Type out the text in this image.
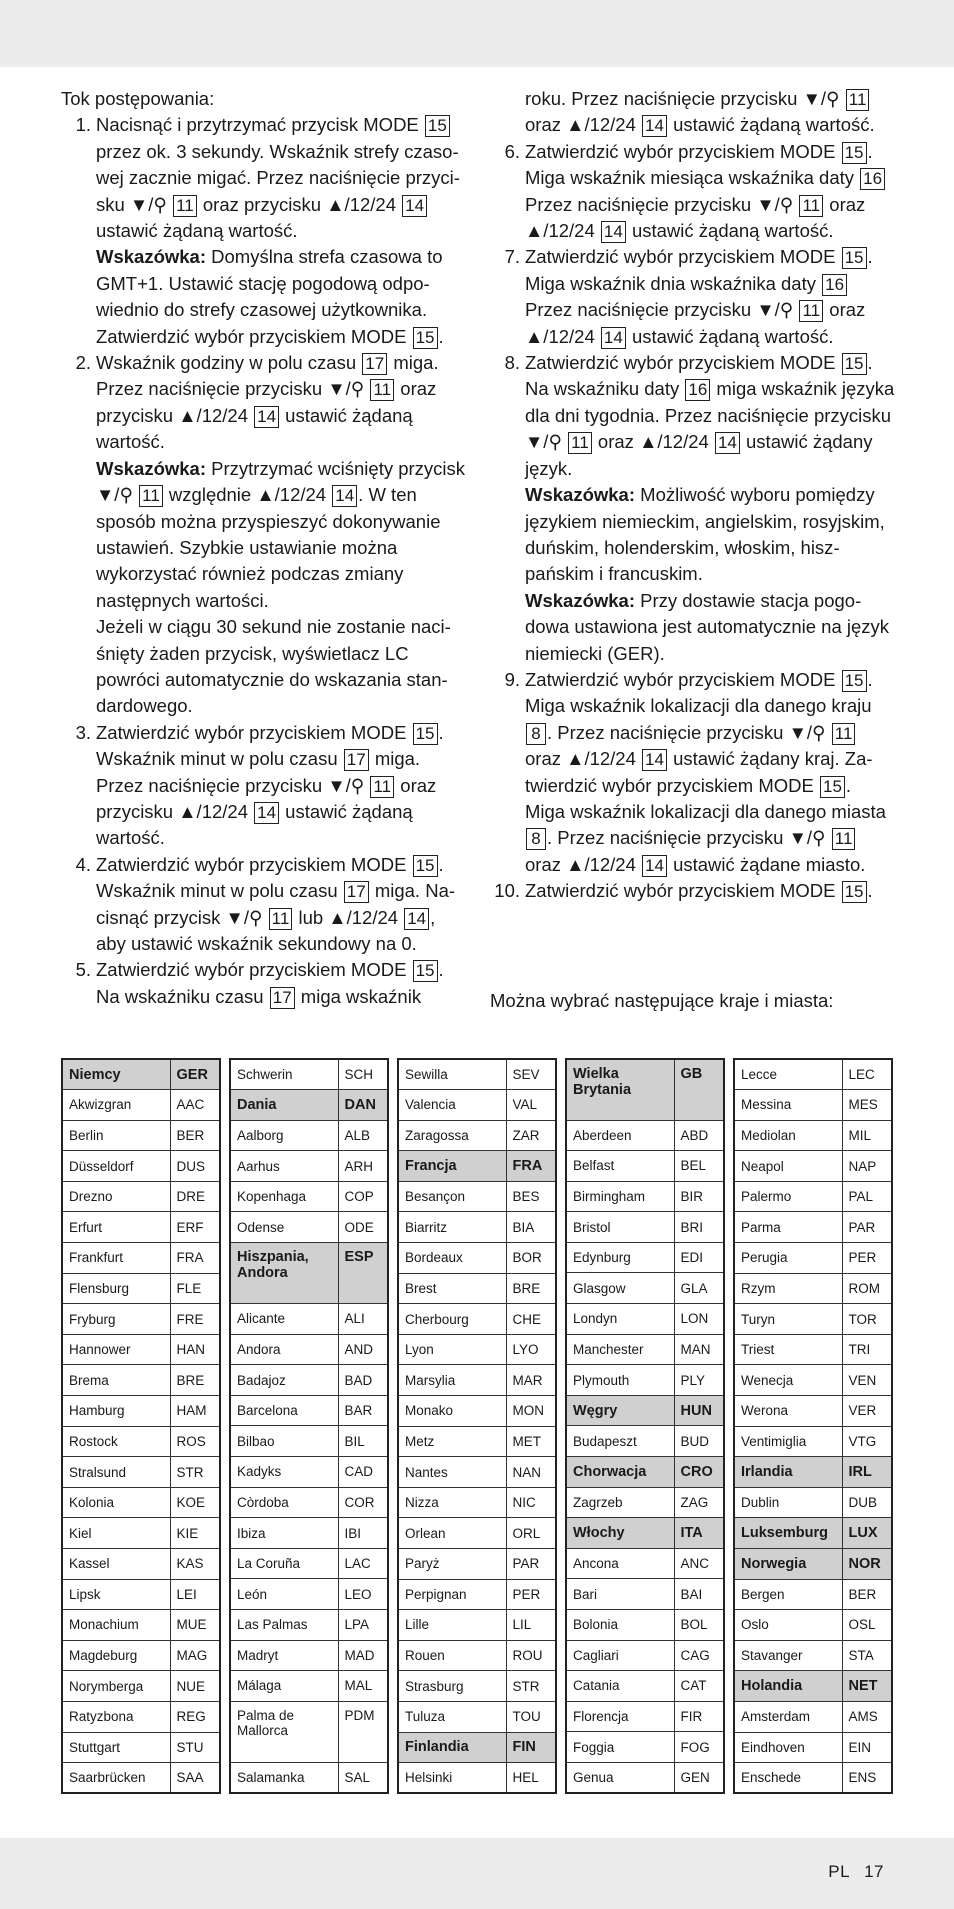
Tok postępowania:

1. Nacisnąć i przytrzymać przycisk MODE 15 przez ok. 3 sekundy. Wskaźnik strefy czasowej zacznie migać. Przez naciśnięcie przycisku ▼/⚲ 11 oraz przycisku ▲/12/24 14 ustawić żądaną wartość.
Wskazówka: Domyślna strefa czasowa to GMT+1. Ustawić stację pogodową odpowiednio do strefy czasowej użytkownika. Zatwierdzić wybór przyciskiem MODE 15 .
2. Wskaźnik godziny w polu czasu 17 miga. Przez naciśnięcie przycisku ▼/⚲ 11 oraz przycisku ▲/12/24 14 ustawić żądaną wartość.
Wskazówka: Przytrzymać wciśnięty przycisk ▼/⚲ 11 względnie ▲/12/24 14 . W ten sposób można przyspieszyć dokonywanie ustawień. Szybkie ustawianie można wykorzystać również podczas zmiany następnych wartości.
Jeżeli w ciągu 30 sekund nie zostanie naciśnięty żaden przycisk, wyświetlacz LC powróci automatycznie do wskazania standardowego.
3. Zatwierdzić wybór przyciskiem MODE 15 . Wskaźnik minut w polu czasu 17 miga. Przez naciśnięcie przycisku ▼/⚲ 11 oraz przycisku ▲/12/24 14 ustawić żądaną wartość.
4. Zatwierdzić wybór przyciskiem MODE 15 . Wskaźnik minut w polu czasu 17 miga. Nacisnąć przycisk ▼/⚲ 11 lub ▲/12/24 14 , aby ustawić wskaźnik sekundowy na 0.
5. Zatwierdzić wybór przyciskiem MODE 15 . Na wskaźniku czasu 17 miga wskaźnik

roku. Przez naciśnięcie przycisku ▼/⚲ 11 oraz ▲/12/24 14 ustawić żądaną wartość.

6. Zatwierdzić wybór przyciskiem MODE 15 . Miga wskaźnik miesiąca wskaźnika daty 16 Przez naciśnięcie przycisku ▼/⚲ 11 oraz ▲/12/24 14 ustawić żądaną wartość.
7. Zatwierdzić wybór przyciskiem MODE 15 . Miga wskaźnik dnia wskaźnika daty 16 Przez naciśnięcie przycisku ▼/⚲ 11 oraz ▲/12/24 14 ustawić żądaną wartość.
8. Zatwierdzić wybór przyciskiem MODE 15 . Na wskaźniku daty 16 miga wskaźnik języka dla dni tygodnia. Przez naciśnięcie przycisku ▼/⚲ 11 oraz ▲/12/24 14 ustawić żądany język.
Wskazówka: Możliwość wyboru pomiędzy językiem niemieckim, angielskim, rosyjskim, duńskim, holenderskim, włoskim, hiszpańskim i francuskim.
Wskazówka: Przy dostawie stacja pogodowa ustawiona jest automatycznie na język niemiecki (GER).
9. Zatwierdzić wybór przyciskiem MODE 15 . Miga wskaźnik lokalizacji dla danego kraju 8 . Przez naciśnięcie przycisku ▼/⚲ 11 oraz ▲/12/24 14 ustawić żądany kraj. Zatwierdzić wybór przyciskiem MODE 15 . Miga wskaźnik lokalizacji dla danego miasta 8 . Przez naciśnięcie przycisku ▼/⚲ 11 oraz ▲/12/24 14 ustawić żądane miasto.
10. Zatwierdzić wybór przyciskiem MODE 15 .
Można wybrać następujące kraje i miasta:
Niemcy	GER
Akwizgran	AAC
Berlin	BER
Düsseldorf	DUS
Drezno	DRE
Erfurt	ERF
Frankfurt	FRA
Flensburg	FLE
Fryburg	FRE
Hannower	HAN
Brema	BRE
Hamburg	HAM
Rostock	ROS
Stralsund	STR
Kolonia	KOE
Kiel	KIE
Kassel	KAS
Lipsk	LEI
Monachium	MUE
Magdeburg	MAG
Norymberga	NUE
Ratyzbona	REG
Stuttgart	STU
Saarbrücken	SAA
Schwerin	SCH
Dania	DAN
Aalborg	ALB
Aarhus	ARH
Kopenhaga	COP
Odense	ODE
Hiszpania, Andora	ESP
Alicante	ALI
Andora	AND
Badajoz	BAD
Barcelona	BAR
Bilbao	BIL
Kadyks	CAD
Còrdoba	COR
Ibiza	IBI
La Coruña	LAC
León	LEO
Las Palmas	LPA
Madryt	MAD
Málaga	MAL
Palma de Mallorca	PDM
Salamanka	SAL
Sewilla	SEV
Valencia	VAL
Zaragossa	ZAR
Francja	FRA
Besançon	BES
Biarritz	BIA
Bordeaux	BOR
Brest	BRE
Cherbourg	CHE
Lyon	LYO
Marsylia	MAR
Monako	MON
Metz	MET
Nantes	NAN
Nizza	NIC
Orlean	ORL
Paryż	PAR
Perpignan	PER
Lille	LIL
Rouen	ROU
Strasburg	STR
Tuluza	TOU
Finlandia	FIN
Helsinki	HEL
Wielka Brytania	GB
Aberdeen	ABD
Belfast	BEL
Birmingham	BIR
Bristol	BRI
Edynburg	EDI
Glasgow	GLA
Londyn	LON
Manchester	MAN
Plymouth	PLY
Węgry	HUN
Budapeszt	BUD
Chorwacja	CRO
Zagrzeb	ZAG
Włochy	ITA
Ancona	ANC
Bari	BAI
Bolonia	BOL
Cagliari	CAG
Catania	CAT
Florencja	FIR
Foggia	FOG
Genua	GEN
Lecce	LEC
Messina	MES
Mediolan	MIL
Neapol	NAP
Palermo	PAL
Parma	PAR
Perugia	PER
Rzym	ROM
Turyn	TOR
Triest	TRI
Wenecja	VEN
Werona	VER
Ventimiglia	VTG
Irlandia	IRL
Dublin	DUB
Luksemburg	LUX
Norwegia	NOR
Bergen	BER
Oslo	OSL
Stavanger	STA
Holandia	NET
Amsterdam	AMS
Eindhoven	EIN
Enschede	ENS
PL 17
